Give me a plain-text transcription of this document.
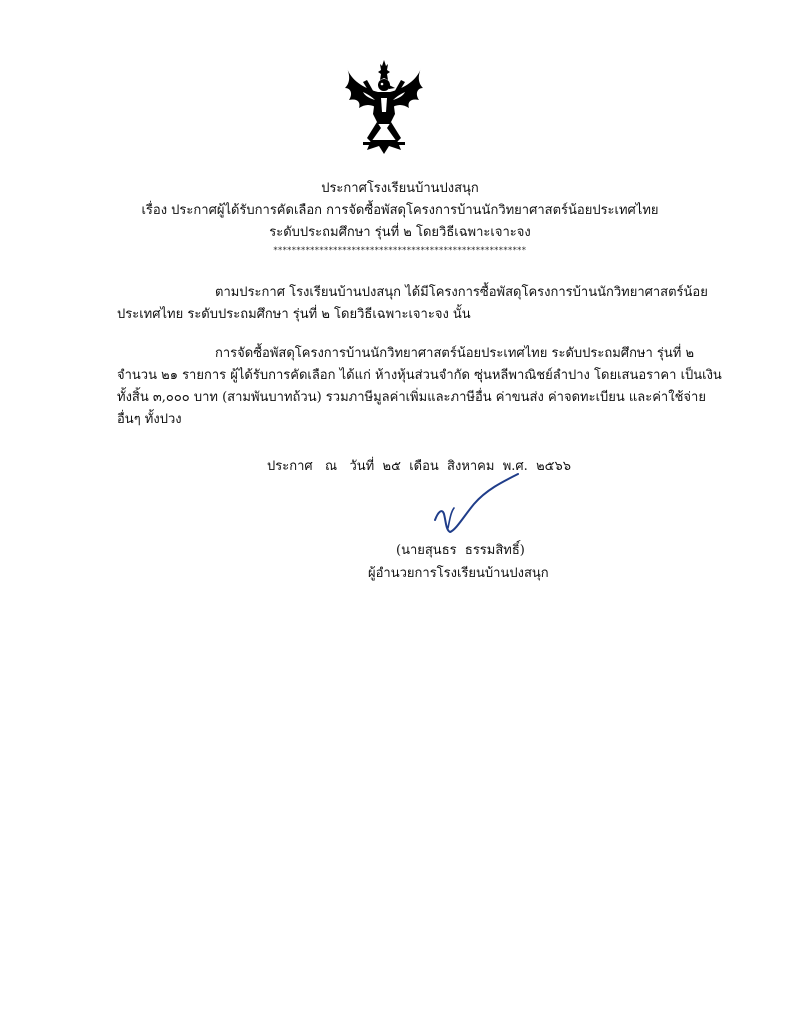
ประกาศโรงเรียนบ้านปงสนุก
เรื่อง ประกาศผู้ได้รับการคัดเลือก การจัดซื้อพัสดุโครงการบ้านนักวิทยาศาสตร์น้อยประเทศไทย
ระดับประถมศึกษา รุ่นที่ ๒ โดยวิธีเฉพาะเจาะจง
*******************************************************
ตามประกาศ โรงเรียนบ้านปงสนุก ได้มีโครงการซื้อพัสดุโครงการบ้านนักวิทยาศาสตร์น้อย
ประเทศไทย ระดับประถมศึกษา รุ่นที่ ๒ โดยวิธีเฉพาะเจาะจง นั้น
การจัดซื้อพัสดุโครงการบ้านนักวิทยาศาสตร์น้อยประเทศไทย ระดับประถมศึกษา รุ่นที่ ๒
จำนวน ๒๑ รายการ ผู้ได้รับการคัดเลือก ได้แก่ ห้างหุ้นส่วนจำกัด ซุ่นหลีพาณิชย์ลำปาง โดยเสนอราคา เป็นเงิน
ทั้งสิ้น ๓,๐๐๐ บาท (สามพันบาทถ้วน) รวมภาษีมูลค่าเพิ่มและภาษีอื่น ค่าขนส่ง ค่าจดทะเบียน และค่าใช้จ่าย
อื่นๆ ทั้งปวง
ประกาศ   ณ   วันที่  ๒๕  เดือน  สิงหาคม  พ.ศ.  ๒๕๖๖
(นายสุนธร  ธรรมสิทธิ์)
ผู้อำนวยการโรงเรียนบ้านปงสนุก
